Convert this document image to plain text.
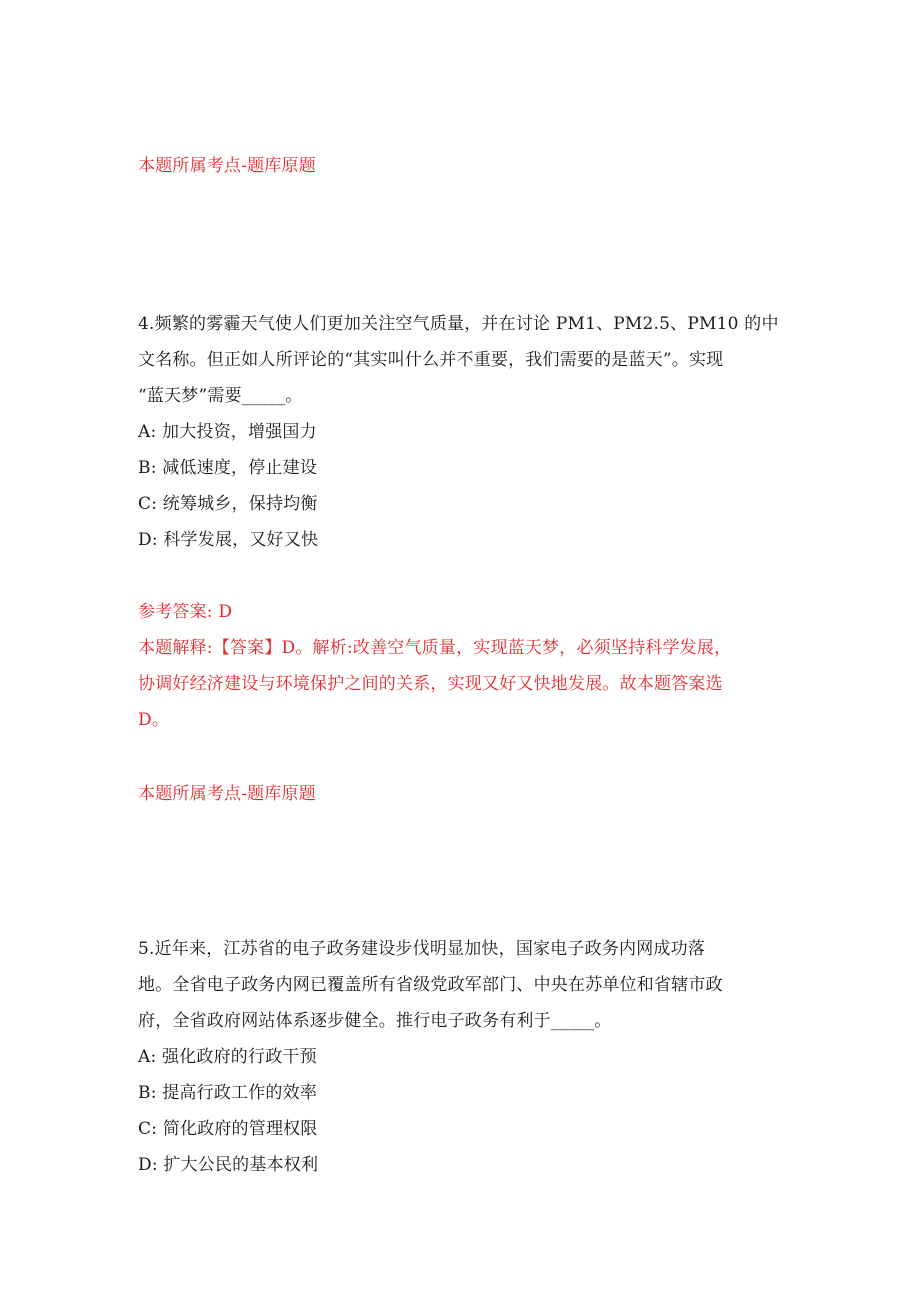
本题所属考点-题库原题
4.频繁的雾霾天气使人们更加关注空气质量，并在讨论 PM1、PM2.5、PM10 的中
文名称。但正如人所评论的“其实叫什么并不重要，我们需要的是蓝天”。实现
“蓝天梦”需要_____。
A: 加大投资，增强国力
B: 减低速度，停止建设
C: 统筹城乡，保持均衡
D: 科学发展，又好又快
参考答案: D
本题解释:【答案】D。解析:改善空气质量，实现蓝天梦，必须坚持科学发展，
协调好经济建设与环境保护之间的关系，实现又好又快地发展。故本题答案选
D。
本题所属考点-题库原题
5.近年来，江苏省的电子政务建设步伐明显加快，国家电子政务内网成功落
地。全省电子政务内网已覆盖所有省级党政军部门、中央在苏单位和省辖市政
府，全省政府网站体系逐步健全。推行电子政务有利于_____。
A: 强化政府的行政干预
B: 提高行政工作的效率
C: 简化政府的管理权限
D: 扩大公民的基本权利
